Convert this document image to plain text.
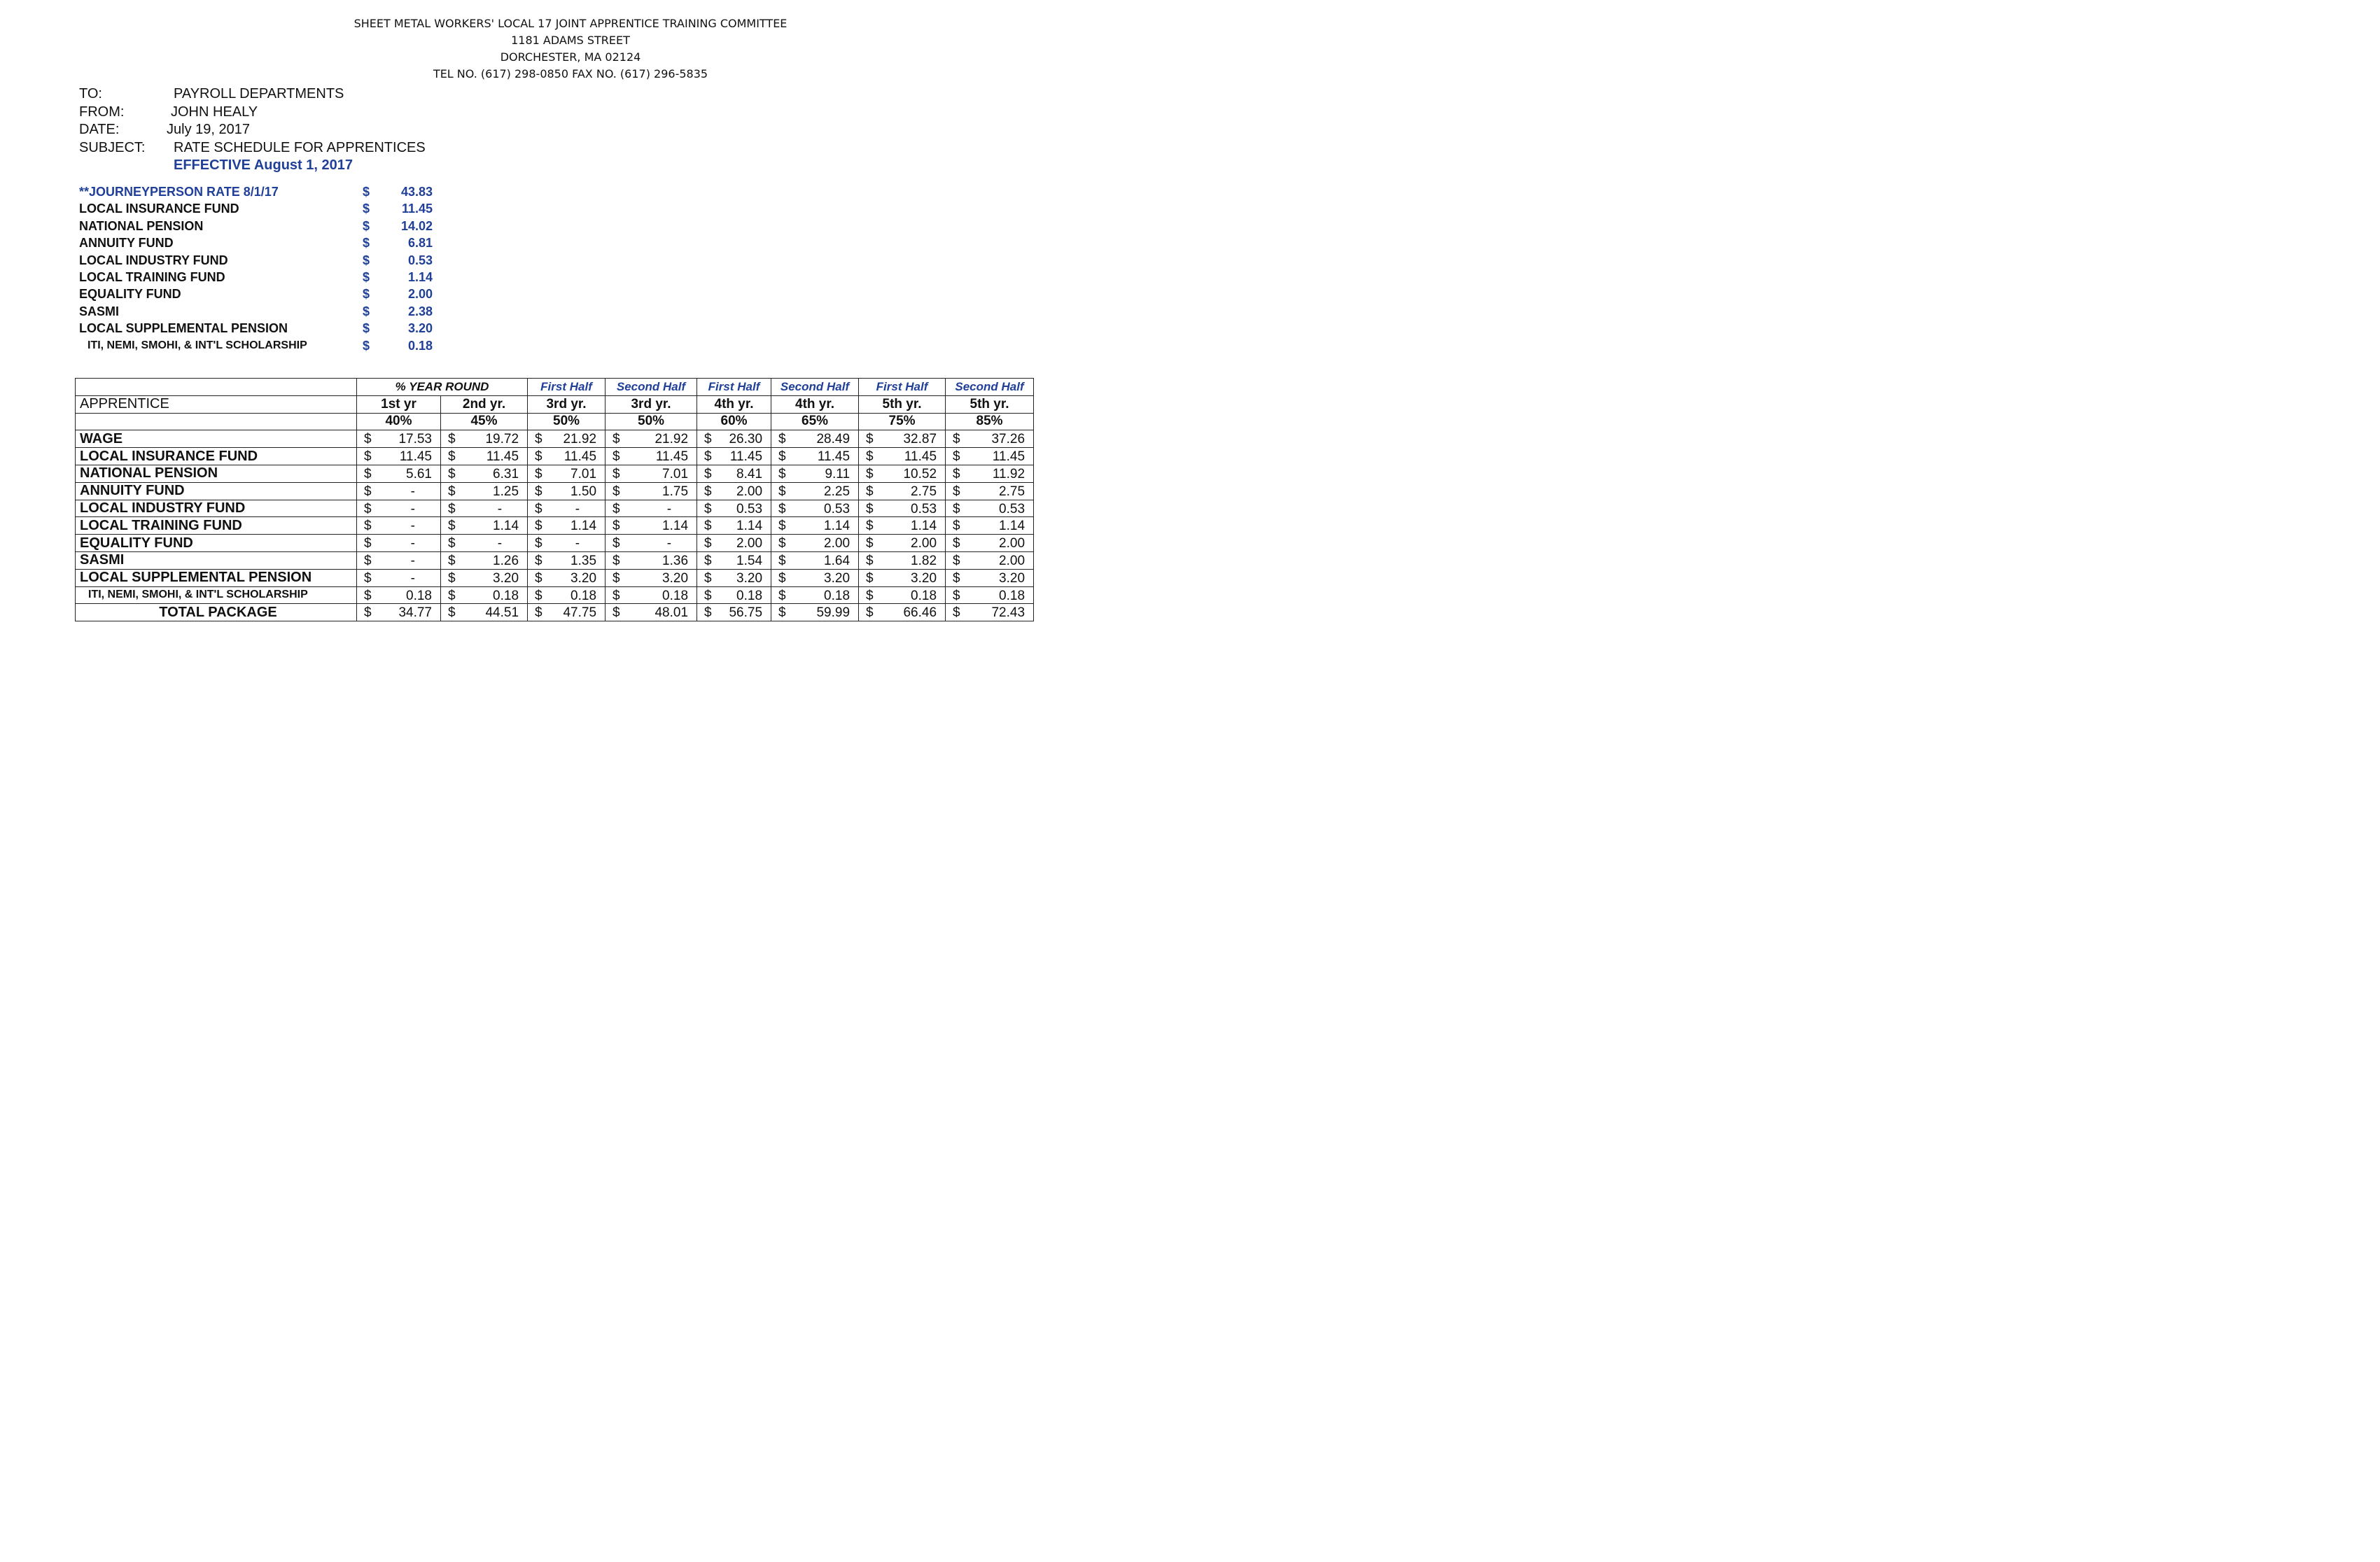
SHEET METAL WORKERS' LOCAL 17 JOINT APPRENTICE TRAINING COMMITTEE
1181 ADAMS STREET
DORCHESTER, MA 02124
TEL NO. (617) 298-0850 FAX NO. (617) 296-5835
TO:	PAYROLL DEPARTMENTS
FROM:	JOHN HEALY
DATE:	July 19, 2017
SUBJECT: RATE SCHEDULE FOR APPRENTICES
EFFECTIVE August 1, 2017
**JOURNEYPERSON RATE 8/1/17	$	43.83
LOCAL INSURANCE FUND	$	11.45
NATIONAL PENSION	$	14.02
ANNUITY FUND	$	6.81
LOCAL INDUSTRY FUND	$	0.53
LOCAL TRAINING FUND	$	1.14
EQUALITY FUND	$	2.00
SASMI	$	2.38
LOCAL SUPPLEMENTAL PENSION	$	3.20
ITI, NEMI, SMOHI, & INT'L SCHOLARSHIP	$	0.18
	% YEAR ROUND		First Half	Second Half	First Half	Second Half	First Half	Second Half
APPRENTICE	1st yr	2nd yr.	3rd yr.	3rd yr.	4th yr.	4th yr.	5th yr.	5th yr.
	40%	45%	50%	50%	60%	65%	75%	85%
WAGE	$ 17.53	$ 19.72	$ 21.92	$ 21.92	$ 26.30	$ 28.49	$ 32.87	$ 37.26

LOCAL INSURANCE FUND	$ 11.45	$ 11.45	$ 11.45	$ 11.45	$ 11.45	$ 11.45	$ 11.45	$ 11.45

NATIONAL PENSION	$ 5.61	$ 6.31	$ 7.01	$ 7.01	$ 8.41	$ 9.11	$ 10.52	$ 11.92

ANNUITY FUND	$ -	$ 1.25	$ 1.50	$ 1.75	$ 2.00	$ 2.25	$ 2.75	$ 2.75

LOCAL INDUSTRY FUND	$ -	$ -	$ -	$ -	$ 0.53	$ 0.53	$ 0.53	$ 0.53

LOCAL TRAINING FUND	$ -	$ 1.14	$ 1.14	$ 1.14	$ 1.14	$ 1.14	$ 1.14	$ 1.14

EQUALITY FUND	$ -	$ -	$ -	$ -	$ 2.00	$ 2.00	$ 2.00	$ 2.00

SASMI	$ -	$ 1.26	$ 1.35	$ 1.36	$ 1.54	$ 1.64	$ 1.82	$ 2.00

LOCAL SUPPLEMENTAL PENSION	$ -	$ 3.20	$ 3.20	$ 3.20	$ 3.20	$ 3.20	$ 3.20	$ 3.20

ITI, NEMI, SMOHI, & INT'L SCHOLARSHIP	$ 0.18	$ 0.18	$ 0.18	$ 0.18	$ 0.18	$ 0.18	$ 0.18	$ 0.18

TOTAL PACKAGE	$ 34.77	$ 44.51	$ 47.75	$ 48.01	$ 56.75	$ 59.99	$ 66.46	$ 72.43
